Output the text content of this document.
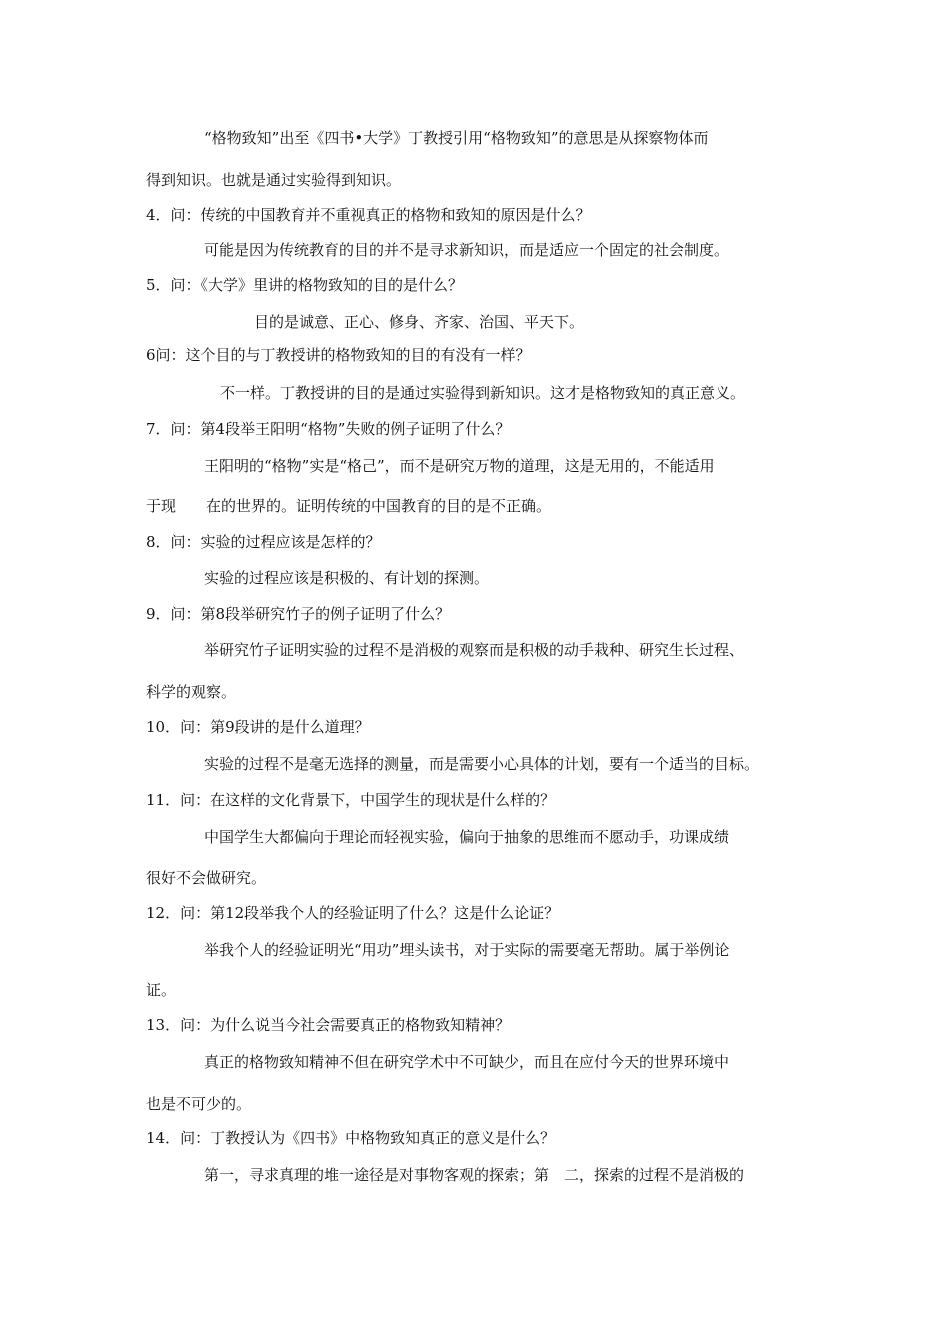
“格物致知”出至《四书•大学》丁教授引用“格物致知”的意思是从探察物体而
得到知识。也就是通过实验得到知识。
4．问：传统的中国教育并不重视真正的格物和致知的原因是什么？
可能是因为传统教育的目的并不是寻求新知识，而是适应一个固定的社会制度。
5．问：《大学》里讲的格物致知的目的是什么？
目的是诚意、正心、修身、齐家、治国、平天下。
6问：这个目的与丁教授讲的格物致知的目的有没有一样？
不一样。丁教授讲的目的是通过实验得到新知识。这才是格物致知的真正意义。
7．问：第4段举王阳明“格物”失败的例子证明了什么？
王阳明的“格物”实是“格己”，而不是研究万物的道理，这是无用的，不能适用
于现　　在的世界的。证明传统的中国教育的目的是不正确。
8．问：实验的过程应该是怎样的？
实验的过程应该是积极的、有计划的探测。
9．问：第8段举研究竹子的例子证明了什么？
举研究竹子证明实验的过程不是消极的观察而是积极的动手栽种、研究生长过程、
科学的观察。
10．问：第9段讲的是什么道理？
实验的过程不是毫无选择的测量，而是需要小心具体的计划，要有一个适当的目标。
11．问：在这样的文化背景下，中国学生的现状是什么样的？
中国学生大都偏向于理论而轻视实验，偏向于抽象的思维而不愿动手，功课成绩
很好不会做研究。
12．问：第12段举我个人的经验证明了什么？这是什么论证？
举我个人的经验证明光“用功”埋头读书，对于实际的需要毫无帮助。属于举例论
证。
13．问：为什么说当今社会需要真正的格物致知精神？
真正的格物致知精神不但在研究学术中不可缺少，而且在应付今天的世界环境中
也是不可少的。
14．问：丁教授认为《四书》中格物致知真正的意义是什么？
第一，寻求真理的堆一途径是对事物客观的探索；第　二，探索的过程不是消极的
